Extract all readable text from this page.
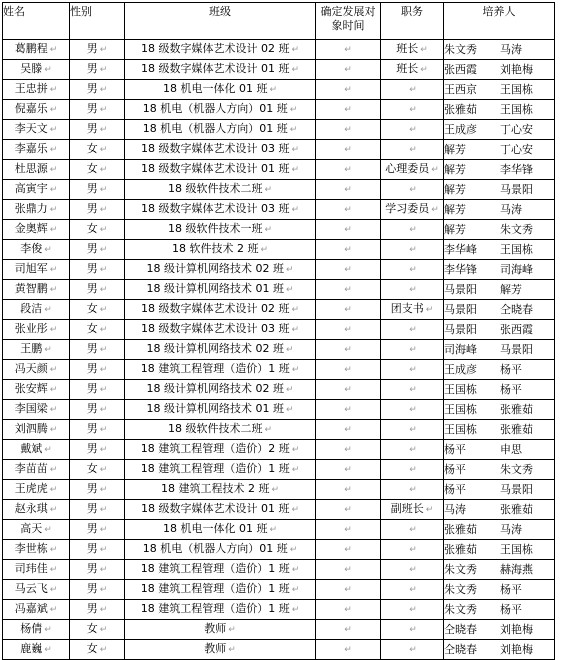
姓名	性别	班级	确定发展对象时间	职务	培养人
葛鹏程 ↵	男 ↵	18 级数字媒体艺术设计 02 班 ↵	↵	班长 ↵	朱文秀 马涛
吴滕 ↵	男 ↵	18 级数字媒体艺术设计 01 班 ↵	↵	班长 ↵	张西霞 刘艳梅
王忠拼 ↵	男 ↵	18 机电一体化 01 班 ↵	↵	↵	王西京 王国栋
倪嘉乐 ↵	男 ↵	18 机电（机器人方向）01 班 ↵	↵	↵	张雅茹 王国栋
李天文 ↵	男 ↵	18 机电（机器人方向）01 班 ↵	↵	↵	王成彦 丁心安
李嘉乐 ↵	女 ↵	18 级数字媒体艺术设计 03 班 ↵	↵	↵	解芳 丁心安
杜思源 ↵	女 ↵	18 级数字媒体艺术设计 01 班 ↵	↵	心理委员 ↵	解芳 李华锋
高寅宇 ↵	男 ↵	18 级软件技术二班 ↵	↵	↵	解芳 马景阳
张鼎力 ↵	男 ↵	18 级数字媒体艺术设计 03 班 ↵	↵	学习委员 ↵	解芳 马涛
金奥辉 ↵	女 ↵	18 级软件技术一班 ↵	↵	↵	解芳 朱文秀
李俊 ↵	男 ↵	18 软件技术 2 班 ↵	↵	↵	李华峰 王国栋
司旭军 ↵	男 ↵	18 级计算机网络技术 02 班 ↵	↵	↵	李华锋 司海峰
黄智鹏 ↵	男 ↵	18 级计算机网络技术 01 班 ↵	↵	↵	马景阳 解芳
段洁 ↵	女 ↵	18 级数字媒体艺术设计 02 班 ↵	↵	团支书 ↵	马景阳 仝晓春
张业彤 ↵	女 ↵	18 级数字媒体艺术设计 03 班 ↵	↵	↵	马景阳 张西霞
王鹏 ↵	男 ↵	18 级计算机网络技术 02 班 ↵	↵	↵	司海峰 马景阳
冯天颜 ↵	男 ↵	18 建筑工程管理（造价）1 班 ↵	↵	↵	王成彦 杨平
张安辉 ↵	男 ↵	18 级计算机网络技术 02 班 ↵	↵	↵	王国栋 杨平
李国梁 ↵	男 ↵	18 级计算机网络技术 01 班 ↵	↵	↵	王国栋 张雅茹
刘泗腾 ↵	男 ↵	18 级软件技术二班 ↵	↵	↵	王国栋 张雅茹
戴斌 ↵	男 ↵	18 建筑工程管理（造价）2 班 ↵	↵	↵	杨平 申思
李苗苗 ↵	女 ↵	18 建筑工程管理（造价）1 班 ↵	↵	↵	杨平 朱文秀
王虎虎 ↵	男 ↵	18 建筑工程技术 2 班 ↵	↵	↵	杨平 马景阳
赵永琪 ↵	男 ↵	18 级数字媒体艺术设计 01 班 ↵	↵	副班长 ↵	马涛 张雅茹
高天 ↵	男 ↵	18 机电一体化 01 班 ↵	↵	↵	张雅茹 马涛
李世栋 ↵	男 ↵	18 机电（机器人方向）01 班 ↵	↵	↵	张雅茹 王国栋
司玮佳 ↵	男 ↵	18 建筑工程管理（造价）1 班 ↵	↵	↵	朱文秀 赫海燕
马云飞 ↵	男 ↵	18 建筑工程管理（造价）1 班 ↵	↵	↵	朱文秀 杨平
冯嘉斌 ↵	男 ↵	18 建筑工程管理（造价）1 班 ↵	↵	↵	朱文秀 杨平
杨倩 ↵	女 ↵	教师 ↵	↵	↵	仝晓春 刘艳梅
鹿巍 ↵	女 ↵	教师 ↵	↵	↵	仝晓春 刘艳梅
